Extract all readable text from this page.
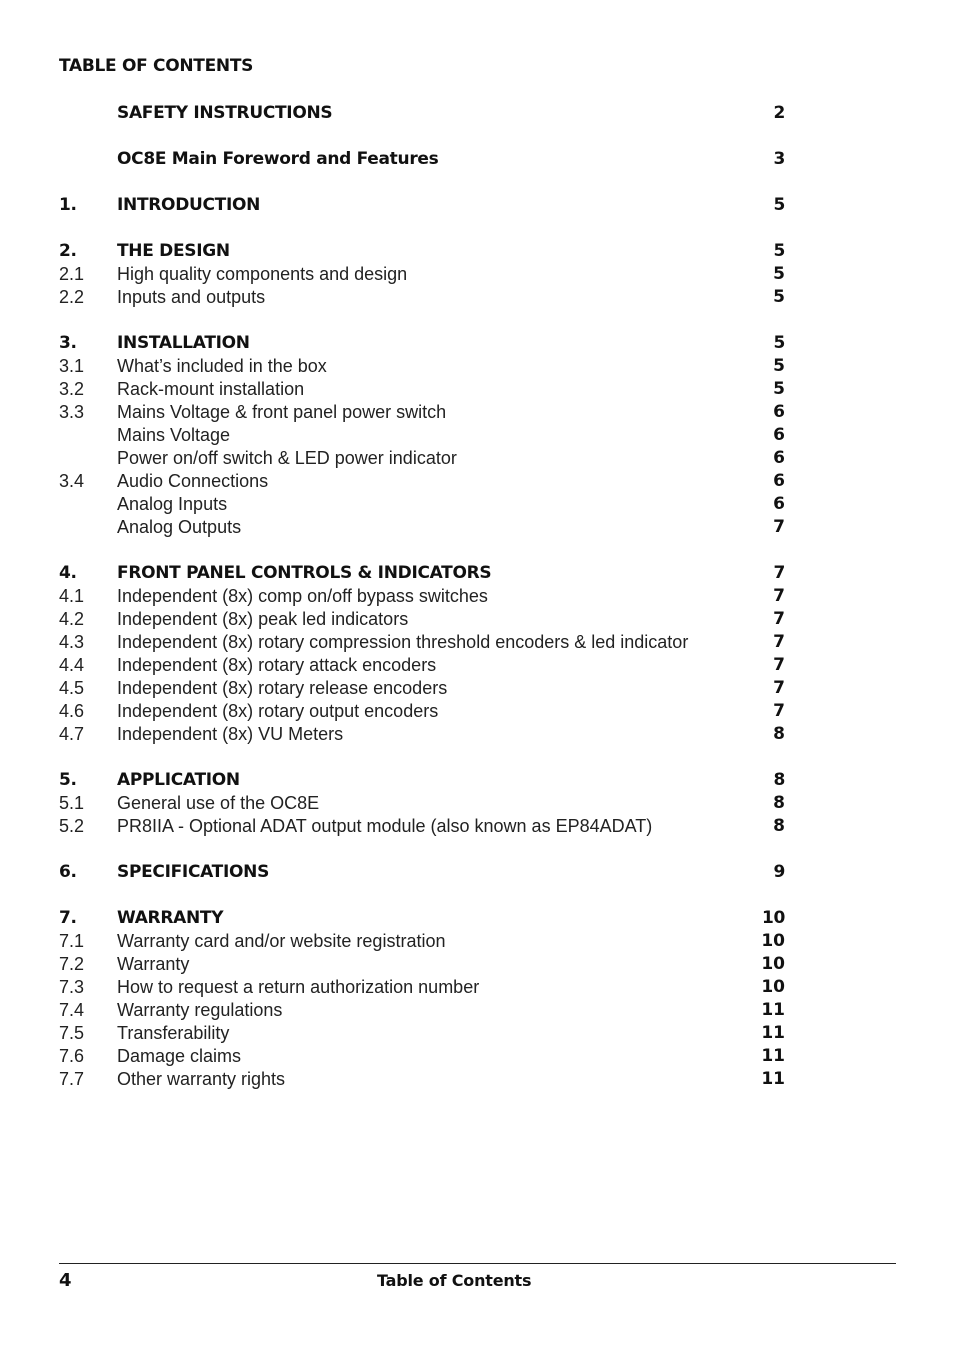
TABLE OF CONTENTS
SAFETY INSTRUCTIONS	2
OC8E Main Foreword and Features	3
1. INTRODUCTION	5
2. THE DESIGN	5
2.1 High quality components and design	5
2.2 Inputs and outputs	5
3. INSTALLATION	5
3.1 What’s included in the box	5
3.2 Rack-mount installation	5
3.3 Mains Voltage & front panel power switch	6
Mains Voltage	6
Power on/off switch & LED power indicator	6
3.4 Audio Connections	6
Analog Inputs	6
Analog Outputs	7
4. FRONT PANEL CONTROLS & INDICATORS	7
4.1 Independent (8x) comp on/off bypass switches	7
4.2 Independent (8x) peak led indicators	7
4.3 Independent (8x) rotary compression threshold encoders & led indicator	7
4.4 Independent (8x) rotary attack encoders	7
4.5 Independent (8x) rotary release encoders	7
4.6 Independent (8x) rotary output encoders	7
4.7 Independent (8x) VU Meters	8
5. APPLICATION	8
5.1 General use of the OC8E	8
5.2 PR8IIA - Optional ADAT output module (also known as EP84ADAT)	8
6. SPECIFICATIONS	9
7. WARRANTY	10
7.1 Warranty card and/or website registration	10
7.2 Warranty	10
7.3 How to request a return authorization number	10
7.4 Warranty regulations	11
7.5 Transferability	11
7.6 Damage claims	11
7.7 Other warranty rights	11
4	Table of Contents
